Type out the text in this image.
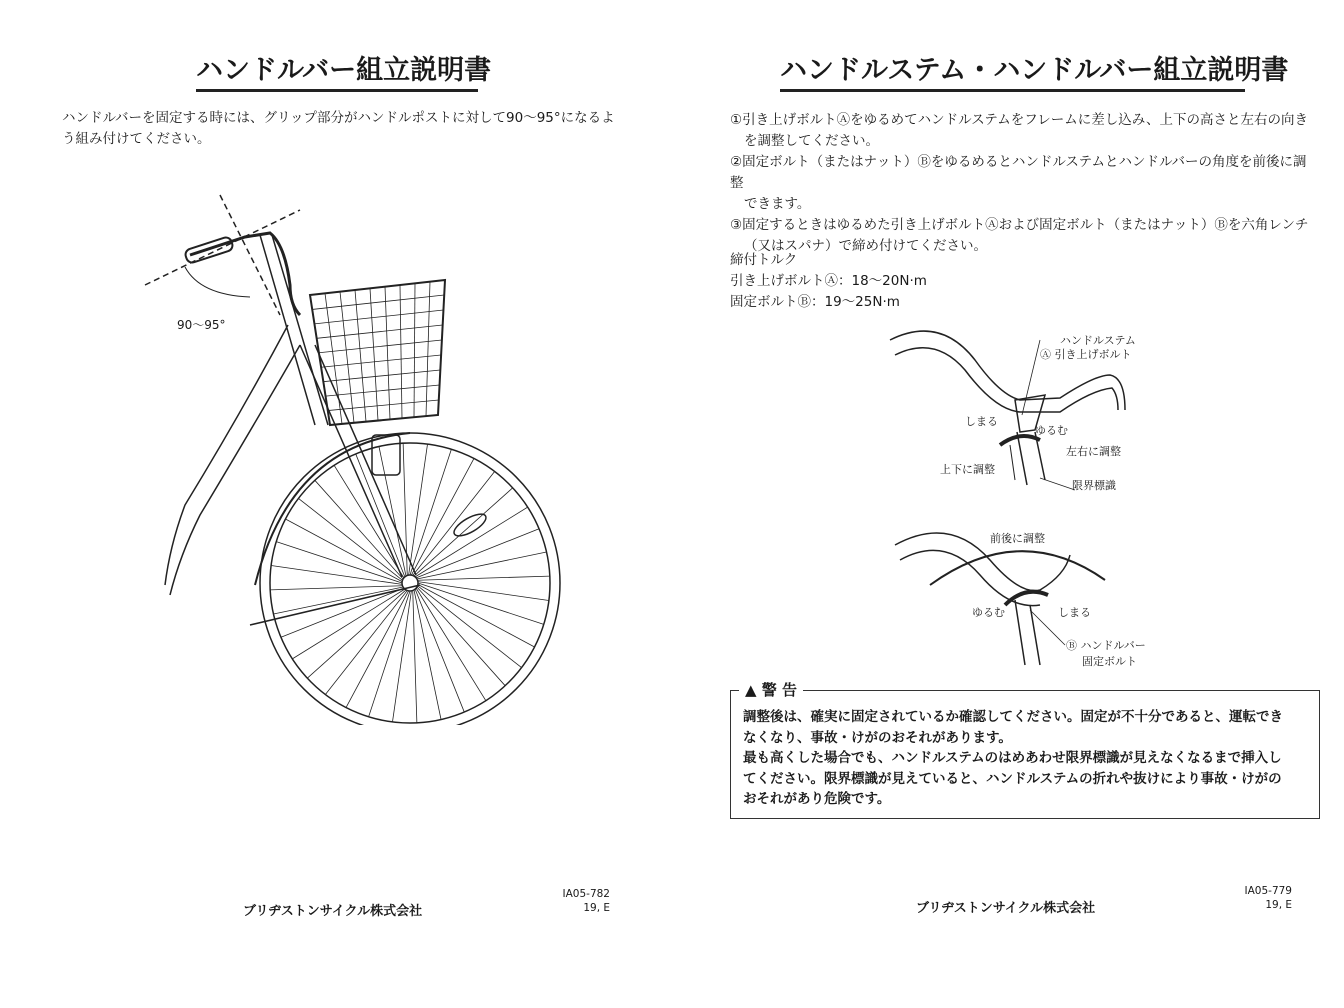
ハンドルバー組立説明書
ハンドルバーを固定する時には、グリップ部分がハンドルポストに対して90〜95°になるよう組み付けてください。
90〜95°
ブリヂストンサイクル株式会社
IA05-782
19, E
ハンドルステム・ハンドルバー組立説明書

①引き上げボルトⒶをゆるめてハンドルステムをフレームに差し込み、上下の高さと左右の向き

を調整してください。

②固定ボルト（またはナット）Ⓑをゆるめるとハンドルステムとハンドルバーの角度を前後に調整

できます。

③固定するときはゆるめた引き上げボルトⒶおよび固定ボルト（またはナット）Ⓑを六角レンチ

（又はスパナ）で締め付けてください。

締付トルク

引き上げボルトⒶ：18〜20N·m

固定ボルトⒷ：19〜25N·m

ハンドルステム
Ⓐ 引き上げボルト
しまる
ゆるむ
左右に調整
上下に調整
限界標識
前後に調整
ゆるむ	しまる
Ⓑ ハンドルバー
固定ボルト
▲ 警 告
調整後は、確実に固定されているか確認してください。固定が不十分であると、運転でき
なくなり、事故・けがのおそれがあります。
最も高くした場合でも、ハンドルステムのはめあわせ限界標識が見えなくなるまで挿入し
てください。限界標識が見えていると、ハンドルステムの折れや抜けにより事故・けがの
おそれがあり危険です。
ブリヂストンサイクル株式会社
IA05-779
19, E
